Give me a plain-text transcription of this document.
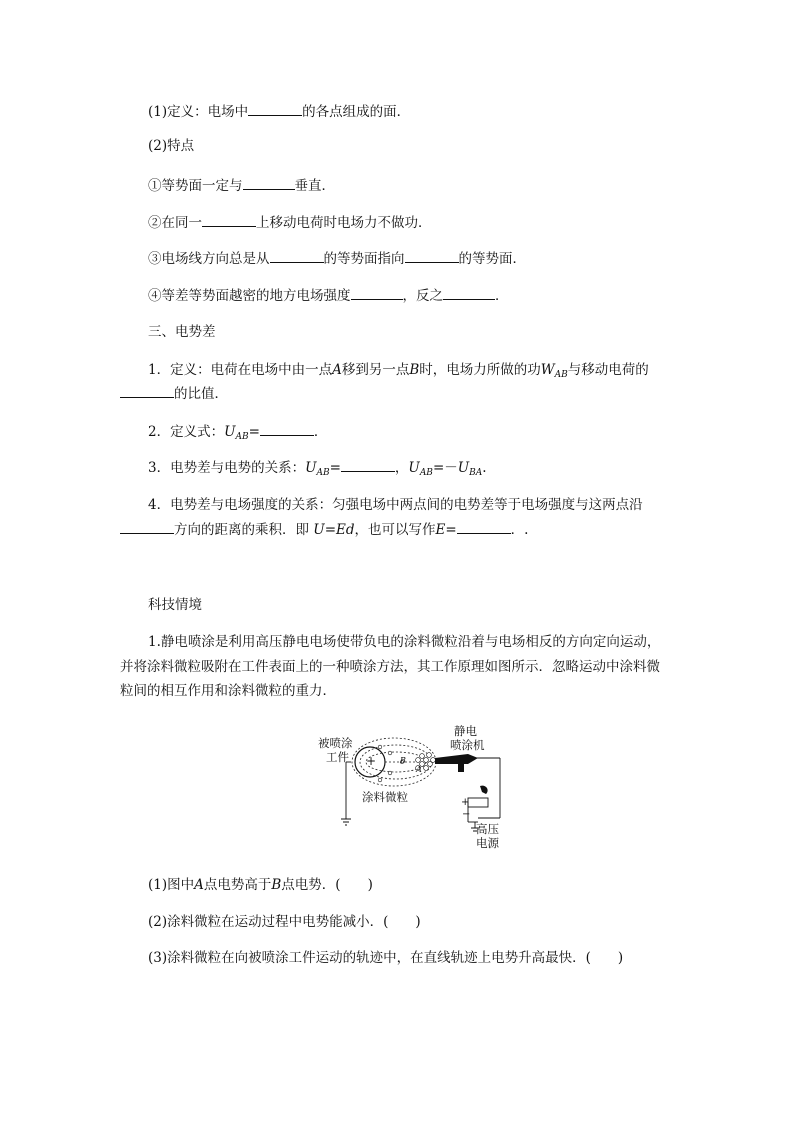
(1)定义：电场中	的各点组成的面．
(2)特点
①等势面一定与	垂直．
②在同一	上移动电荷时电场力不做功．
③电场线方向总是从	的等势面指向	的等势面．
④等差等势面越密的地方电场强度	，反之	．
三、电势差
1．定义：电荷在电场中由一点A移到另一点B时，电场力所做的功$W_{AB}$与移动电荷的
的比值．
2．定义式：$U_{AB}=$	．
3．电势差与电势的关系：$U_{AB}=$	，$U_{AB}=-U_{BA}$.
4．电势差与电场强度的关系：匀强电场中两点间的电势差等于电场强度与这两点沿
方向的距离的乘积．即 U=Ed，也可以写作E=	．.
科技情境
1.静电喷涂是利用高压静电电场使带负电的涂料微粒沿着与电场相反的方向定向运动，
并将涂料微粒吸附在工件表面上的一种喷涂方法，其工作原理如图所示．忽略运动中涂料微
粒间的相互作用和涂料微粒的重力．
被喷涂
工件
静电
喷涂机
涂料微粒
高压
电源
+
+
−
A
B
(1)图中A点电势高于B点电势．(　　)
(2)涂料微粒在运动过程中电势能减小．(　　)
(3)涂料微粒在向被喷涂工件运动的轨迹中，在直线轨迹上电势升高最快．(　　)
